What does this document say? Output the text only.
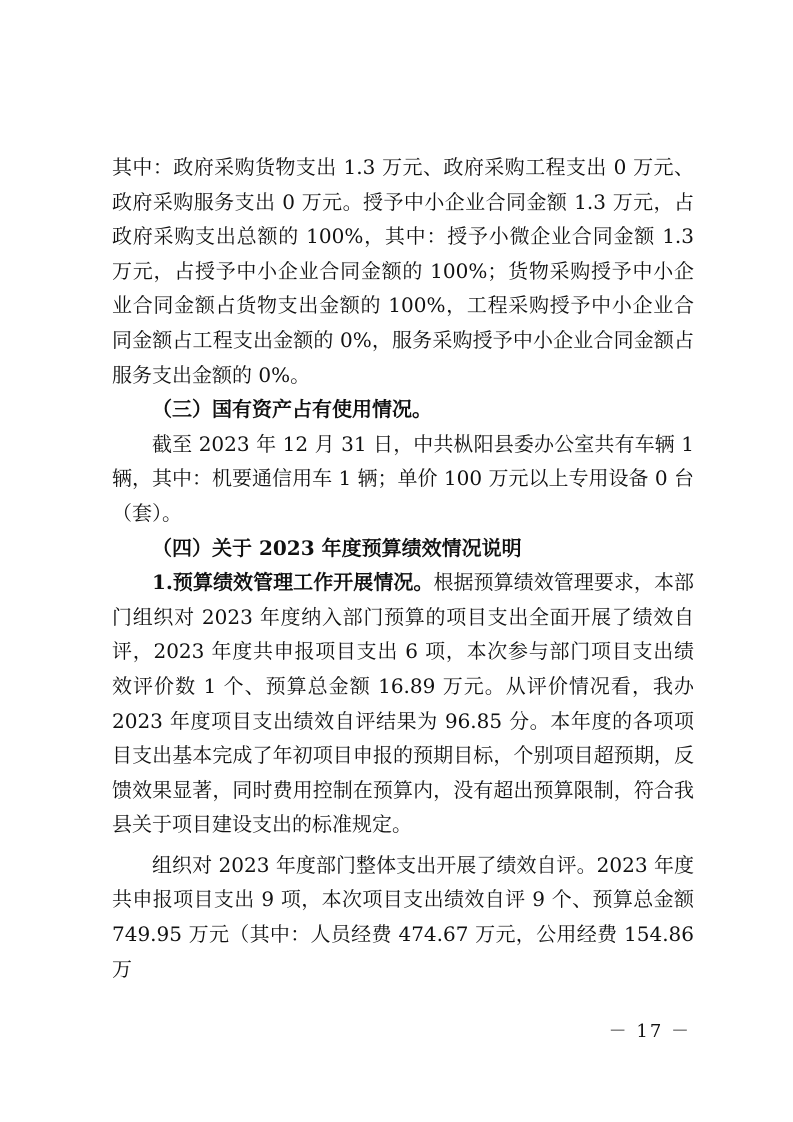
其中：政府采购货物支出 1.3 万元、政府采购工程支出 0 万元、政府采购服务支出 0 万元。授予中小企业合同金额 1.3 万元，占政府采购支出总额的 100%，其中：授予小微企业合同金额 1.3 万元，占授予中小企业合同金额的 100%；货物采购授予中小企业合同金额占货物支出金额的 100%，工程采购授予中小企业合同金额占工程支出金额的 0%，服务采购授予中小企业合同金额占服务支出金额的 0%。

（三）国有资产占有使用情况。

截至 2023 年 12 月 31 日，中共枞阳县委办公室共有车辆 1 辆，其中：机要通信用车 1 辆；单价 100 万元以上专用设备 0 台（套）。

（四）关于 2023 年度预算绩效情况说明

1.预算绩效管理工作开展情况。根据预算绩效管理要求，本部门组织对 2023 年度纳入部门预算的项目支出全面开展了绩效自评，2023 年度共申报项目支出 6 项，本次参与部门项目支出绩效评价数 1 个、预算总金额 16.89 万元。从评价情况看，我办 2023 年度项目支出绩效自评结果为 96.85 分。本年度的各项项目支出基本完成了年初项目申报的预期目标，个别项目超预期，反馈效果显著，同时费用控制在预算内，没有超出预算限制，符合我县关于项目建设支出的标准规定。

组织对 2023 年度部门整体支出开展了绩效自评。2023 年度共申报项目支出 9 项，本次项目支出绩效自评 9 个、预算总金额 749.95 万元（其中：人员经费 474.67 万元，公用经费 154.86 万

－ 17 －
